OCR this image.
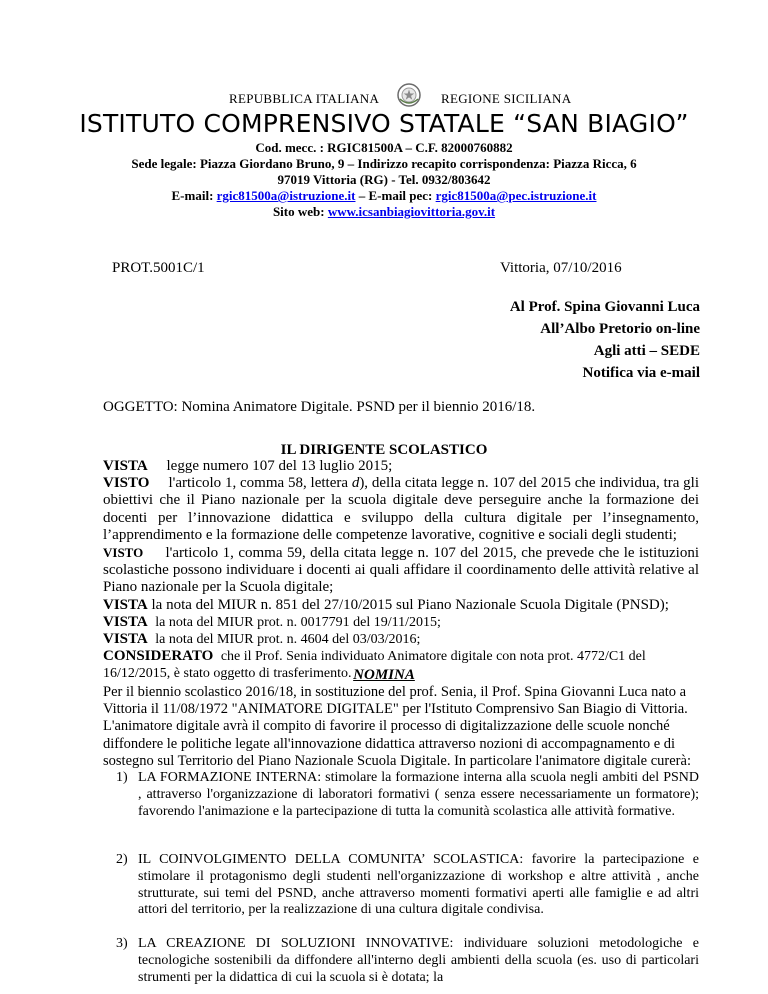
REPUBBLICA ITALIANA	REGIONE SICILIANA
ISTITUTO COMPRENSIVO STATALE “SAN BIAGIO”
Cod. mecc. : RGIC81500A – C.F. 82000760882
Sede legale: Piazza Giordano Bruno, 9 – Indirizzo recapito corrispondenza: Piazza Ricca, 6
97019 Vittoria (RG) - Tel. 0932/803642
E-mail: rgic81500a@istruzione.it – E-mail pec: rgic81500a@pec.istruzione.it
Sito web: www.icsanbiagiovittoria.gov.it
PROT.5001C/1	Vittoria, 07/10/2016
Al Prof. Spina Giovanni Luca
All’Albo Pretorio on-line
Agli atti – SEDE
Notifica via e-mail
OGGETTO: Nomina Animatore Digitale. PSND per il biennio 2016/18.
IL DIRIGENTE SCOLASTICO
VISTA legge numero 107 del 13 luglio 2015;
VISTO l'articolo 1, comma 58, lettera d), della citata legge n. 107 del 2015 che individua, tra gli obiettivi che il Piano nazionale per la scuola digitale deve perseguire anche la formazione dei docenti per l’innovazione didattica e sviluppo della cultura digitale per l’insegnamento, l’apprendimento e la formazione delle competenze lavorative, cognitive e sociali degli studenti;
VISTO l'articolo 1, comma 59, della citata legge n. 107 del 2015, che prevede che le istituzioni scolastiche possono individuare i docenti ai quali affidare il coordinamento delle attività relative al Piano nazionale per la Scuola digitale;
VISTA la nota del MIUR n. 851 del 27/10/2015 sul Piano Nazionale Scuola Digitale (PNSD);
VISTA la nota del MIUR prot. n. 0017791 del 19/11/2015;
VISTA la nota del MIUR prot. n. 4604 del 03/03/2016;
CONSIDERATO che il Prof. Senia individuato Animatore digitale con nota prot. 4772/C1 del 16/12/2015, è stato oggetto di trasferimento. NOMINA
Per il biennio scolastico 2016/18, in sostituzione del prof. Senia, il Prof. Spina Giovanni Luca nato a Vittoria il 11/08/1972 "ANIMATORE DIGITALE" per l'Istituto Comprensivo San Biagio di Vittoria. L'animatore digitale avrà il compito di favorire il processo di digitalizzazione delle scuole nonché diffondere le politiche legate all'innovazione didattica attraverso nozioni di accompagnamento e di sostegno sul Territorio del Piano Nazionale Scuola Digitale. In particolare l'animatore digitale curerà:
1) LA FORMAZIONE INTERNA: stimolare la formazione interna alla scuola negli ambiti del PSND , attraverso l'organizzazione di laboratori formativi ( senza essere necessariamente un formatore); favorendo l'animazione e la partecipazione di tutta la comunità scolastica alle attività formative.
2) IL COINVOLGIMENTO DELLA COMUNITA’ SCOLASTICA: favorire la partecipazione e stimolare il protagonismo degli studenti nell'organizzazione di workshop e altre attività , anche strutturate, sui temi del PSND, anche attraverso momenti formativi aperti alle famiglie e ad altri attori del territorio, per la realizzazione di una cultura digitale condivisa.
3) LA CREAZIONE DI SOLUZIONI INNOVATIVE: individuare soluzioni metodologiche e tecnologiche sostenibili da diffondere all'interno degli ambienti della scuola (es. uso di particolari strumenti per la didattica di cui la scuola si è dotata; la
